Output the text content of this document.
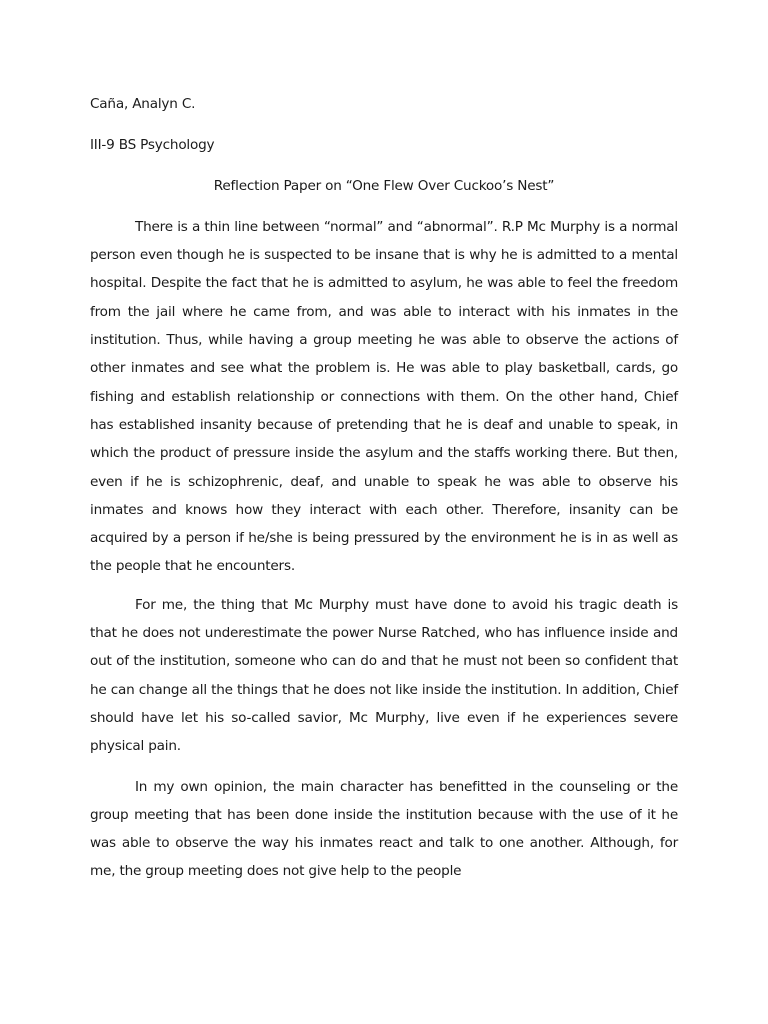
Caña, Analyn C.

III-9 BS Psychology

Reflection Paper on “One Flew Over Cuckoo’s Nest”

There is a thin line between “normal” and “abnormal”. R.P Mc Murphy is a normal person even though he is suspected to be insane that is why he is admitted to a mental hospital. Despite the fact that he is admitted to asylum, he was able to feel the freedom from the jail where he came from, and was able to interact with his inmates in the institution. Thus, while having a group meeting he was able to observe the actions of other inmates and see what the problem is. He was able to play basketball, cards, go fishing and establish relationship or connections with them. On the other hand, Chief has established insanity because of pretending that he is deaf and unable to speak, in which the product of pressure inside the asylum and the staffs working there. But then, even if he is schizophrenic, deaf, and unable to speak he was able to observe his inmates and knows how they interact with each other. Therefore, insanity can be acquired by a person if he/she is being pressured by the environment he is in as well as the people that he encounters.

For me, the thing that Mc Murphy must have done to avoid his tragic death is that he does not underestimate the power Nurse Ratched, who has influence inside and out of the institution, someone who can do and that he must not been so confident that he can change all the things that he does not like inside the institution. In addition, Chief should have let his so-called savior, Mc Murphy, live even if he experiences severe physical pain.

In my own opinion, the main character has benefitted in the counseling or the group meeting that has been done inside the institution because with the use of it he was able to observe the way his inmates react and talk to one another. Although, for me, the group meeting does not give help to the people
